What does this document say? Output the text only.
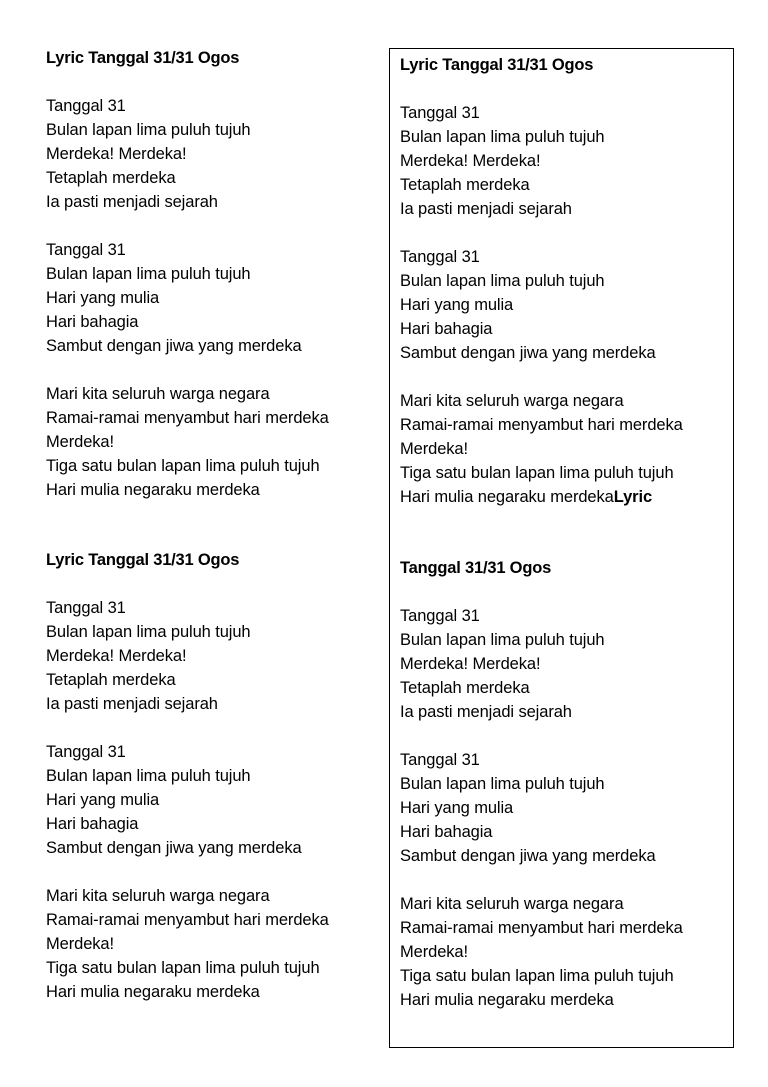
Lyric Tanggal 31/31 Ogos
Tanggal 31
Bulan lapan lima puluh tujuh
Merdeka! Merdeka!
Tetaplah merdeka
Ia pasti menjadi sejarah
Tanggal 31
Bulan lapan lima puluh tujuh
Hari yang mulia
Hari bahagia
Sambut dengan jiwa yang merdeka
Mari kita seluruh warga negara
Ramai-ramai menyambut hari merdeka
Merdeka!
Tiga satu bulan lapan lima puluh tujuh
Hari mulia negaraku merdeka
Lyric Tanggal 31/31 Ogos
Tanggal 31
Bulan lapan lima puluh tujuh
Merdeka! Merdeka!
Tetaplah merdeka
Ia pasti menjadi sejarah
Tanggal 31
Bulan lapan lima puluh tujuh
Hari yang mulia
Hari bahagia
Sambut dengan jiwa yang merdeka
Mari kita seluruh warga negara
Ramai-ramai menyambut hari merdeka
Merdeka!
Tiga satu bulan lapan lima puluh tujuh
Hari mulia negaraku merdeka
Lyric Tanggal 31/31 Ogos
Tanggal 31
Bulan lapan lima puluh tujuh
Merdeka! Merdeka!
Tetaplah merdeka
Ia pasti menjadi sejarah
Tanggal 31
Bulan lapan lima puluh tujuh
Hari yang mulia
Hari bahagia
Sambut dengan jiwa yang merdeka
Mari kita seluruh warga negara
Ramai-ramai menyambut hari merdeka
Merdeka!
Tiga satu bulan lapan lima puluh tujuh
Hari mulia negaraku merdekaLyric
Tanggal 31/31 Ogos
Tanggal 31
Bulan lapan lima puluh tujuh
Merdeka! Merdeka!
Tetaplah merdeka
Ia pasti menjadi sejarah
Tanggal 31
Bulan lapan lima puluh tujuh
Hari yang mulia
Hari bahagia
Sambut dengan jiwa yang merdeka
Mari kita seluruh warga negara
Ramai-ramai menyambut hari merdeka
Merdeka!
Tiga satu bulan lapan lima puluh tujuh
Hari mulia negaraku merdeka
